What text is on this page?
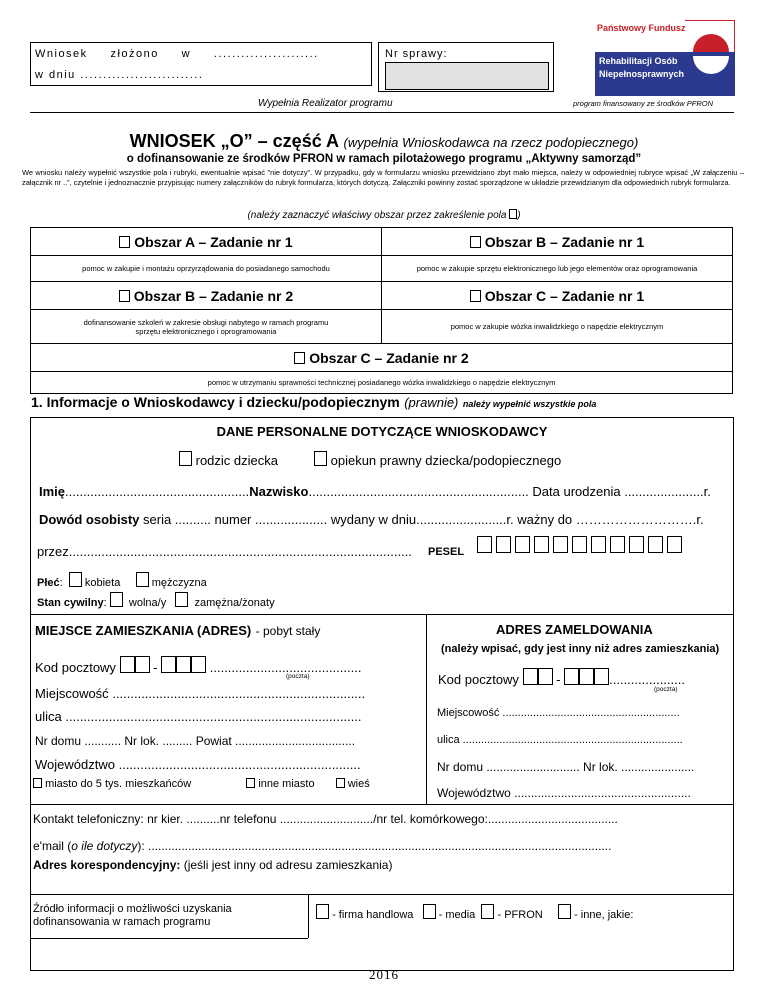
Wniosek     złożono     w     .......................
w dniu ...........................
Nr sprawy:
Wypełnia Realizator programu
Państwowy Fundusz
Rehabilitacji Osób
Niepełnosprawnych
program finansowany ze środków PFRON
WNIOSEK „O” – część A (wypełnia Wnioskodawca na rzecz podopiecznego)
o dofinansowanie ze środków PFRON w ramach pilotażowego programu „Aktywny samorząd”
We wniosku należy wypełnić wszystkie pola i rubryki, ewentualnie wpisać "nie dotyczy". W przypadku, gdy w formularzu wniosku przewidziano zbyt mało miejsca, należy w odpowiedniej rubryce wpisać „W załączeniu – załącznik nr ..”, czytelnie i jednoznacznie przypisując numery załączników do rubryk formularza, których dotyczą. Załączniki powinny zostać sporządzone w układzie przewidzianym dla odpowiednich rubryk formularza.
(należy zaznaczyć właściwy obszar przez zakreślenie pola )
Obszar A – Zadanie nr 1	Obszar B – Zadanie nr 1
pomoc w zakupie i montażu oprzyrządowania do posiadanego samochodu	pomoc w zakupie sprzętu elektronicznego lub jego elementów oraz oprogramowania
Obszar B – Zadanie nr 2	Obszar C – Zadanie nr 1
dofinansowanie szkoleń w zakresie obsługi nabytego w ramach programu sprzętu elektronicznego i oprogramowania	pomoc w zakupie wózka inwalidzkiego o napędzie elektrycznym
Obszar C – Zadanie nr 2	
pomoc w utrzymaniu sprawności technicznej posiadanego wózka inwalidzkiego o napędzie elektrycznym	
1. Informacje o Wnioskodawcy i dziecku/podopiecznym (prawnie) należy wypełnić wszystkie pola
DANE PERSONALNE DOTYCZĄCE WNIOSKODAWCY
rodzic dziecka	opiekun prawny dziecka/podopiecznego
Imię...................................................Nazwisko............................................................. Data urodzenia ......................r.
Dowód osobisty seria .......... numer .................... wydany w dniu.........................r. ważny do ……………………….r.
przez............................................................................................... PESEL
Płeć:   kobieta	mężczyzna
Stan cywilny:   wolna/y	zamężna/żonaty
MIEJSCE ZAMIESZKANIA (ADRES) - pobyt stały	ADRES ZAMELDOWANIA
(należy wpisać, gdy jest inny niż adres zamieszkania)
Kod pocztowy	-	..........................................
(poczta)	Kod pocztowy	-	.....................
(poczta)
Miejscowość ......................................................................
Miejscowość ..........................................................
ulica ..................................................................................
ulica ........................................................................
Nr domu ........... Nr lok. ......... Powiat ....................................
Nr domu ............................ Nr lok. ......................
Województwo ...................................................................
Województwo .....................................................
miasto do 5 tys. mieszkańców	inne miasto	wieś
Kontakt telefoniczny: nr kier. ..........nr telefonu ............................/nr tel. komórkowego:.......................................
e'mail (o ile dotyczy): ...........................................................................................................................................
Adres korespondencyjny: (jeśli jest inny od adresu zamieszkania)
Źródło informacji o możliwości uzyskania dofinansowania w ramach programu
- firma handlowa - media - PFRON	- inne, jakie:
2016
